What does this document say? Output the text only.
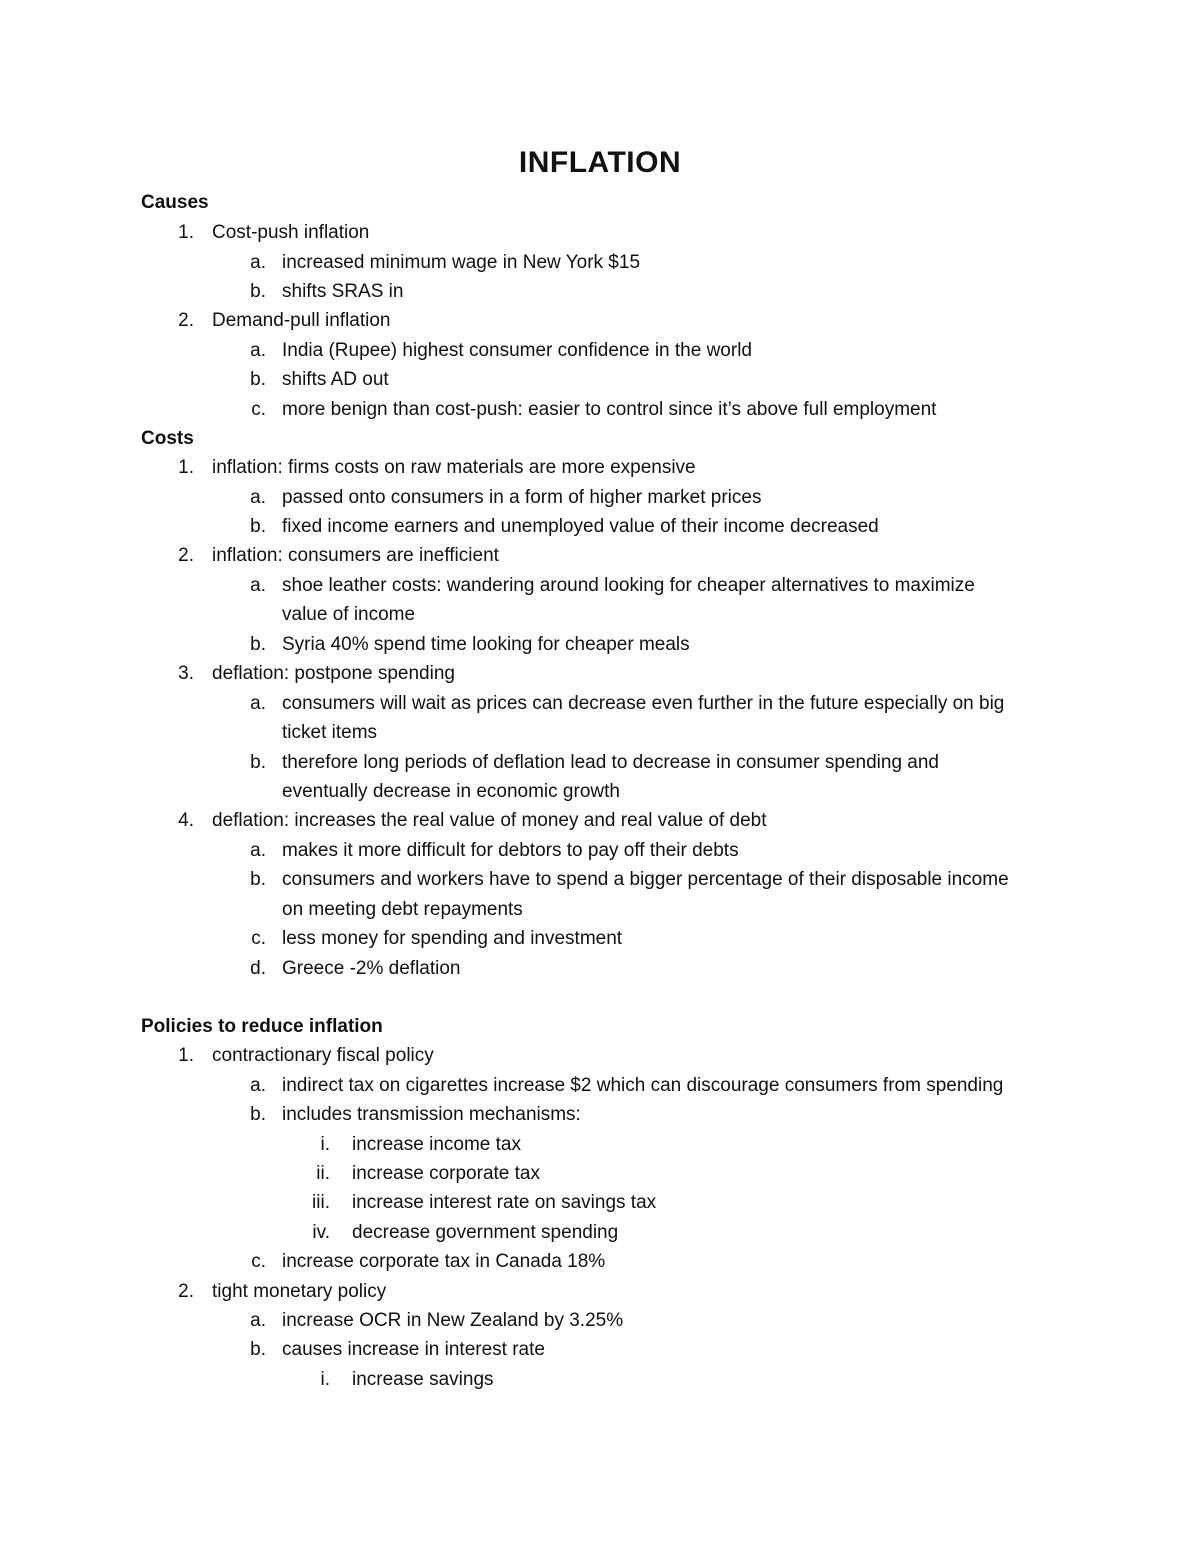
INFLATION
Causes
1. Cost-push inflation
a. increased minimum wage in New York $15
b. shifts SRAS in
2. Demand-pull inflation
a. India (Rupee) highest consumer confidence in the world
b. shifts AD out
c. more benign than cost-push: easier to control since it’s above full employment
Costs
1. inflation: firms costs on raw materials are more expensive
a. passed onto consumers in a form of higher market prices
b. fixed income earners and unemployed value of their income decreased
2. inflation: consumers are inefficient
a. shoe leather costs: wandering around looking for cheaper alternatives to maximize
value of income
b. Syria 40% spend time looking for cheaper meals
3. deflation: postpone spending
a. consumers will wait as prices can decrease even further in the future especially on big
ticket items
b. therefore long periods of deflation lead to decrease in consumer spending and
eventually decrease in economic growth
4. deflation: increases the real value of money and real value of debt
a. makes it more difficult for debtors to pay off their debts
b. consumers and workers have to spend a bigger percentage of their disposable income
on meeting debt repayments
c. less money for spending and investment
d. Greece -2% deflation
Policies to reduce inflation
1. contractionary fiscal policy
a. indirect tax on cigarettes increase $2 which can discourage consumers from spending
b. includes transmission mechanisms:
i. increase income tax
ii. increase corporate tax
iii. increase interest rate on savings tax
iv. decrease government spending
c. increase corporate tax in Canada 18%
2. tight monetary policy
a. increase OCR in New Zealand by 3.25%
b. causes increase in interest rate
i. increase savings
